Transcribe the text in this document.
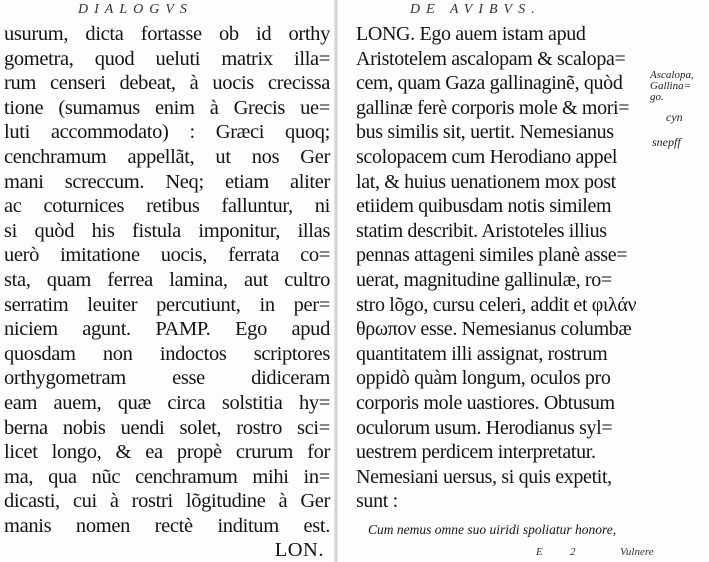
DIALOGVS
usurum, dicta fortasse ob id orthy
gometra, quod ueluti matrix illa=
rum censeri debeat, à uocis crecissa
tione (sumamus enim à Grecis ue=
luti accommodato) : Græci quoq;
cenchramum appellãt, ut nos Ger
mani screccum. Neq; etiam aliter
ac coturnices retibus falluntur, ni
si quòd his fistula imponitur, illas
uerò imitatione uocis, ferrata co=
sta, quam ferrea lamina, aut cultro
serratim leuiter percutiunt, in per=
niciem agunt. PAMP. Ego apud
quosdam non indoctos scriptores
orthygometram esse didiceram
eam auem, quæ circa solstitia hy=
berna nobis uendi solet, rostro sci=
licet longo, & ea propè crurum for
ma, qua nũc cenchramum mihi in=
dicasti, cui à rostri lõgitudine à Ger
manis nomen rectè inditum est.
LON.
DE AVIBVS.
LONG. Ego auem istam apud
Aristotelem ascalopam & scalopa=
cem, quam Gaza gallinaginẽ, quòd
gallinæ ferè corporis mole & mori=
bus similis sit, uertit. Nemesianus
scolopacem cum Herodiano appel
lat, & huius uenationem mox post
etiidem quibusdam notis similem
statim describit. Aristoteles illius
pennas attageni similes planè asse=
uerat, magnitudine gallinulæ, ro=
stro lõgo, cursu celeri, addit et φιλάν
θρωπον esse. Nemesianus columbæ
quantitatem illi assignat, rostrum
oppidò quàm longum, oculos pro
corporis mole uastiores. Obtusum
oculorum usum. Herodianus syl=
uestrem perdicem interpretatur.
Nemesiani uersus, si quis expetit,
sunt :
Cum nemus omne suo uiridi spoliatur honore,
E 2	Vulnere
Ascalopa,
Gallina=
go.
cyn
snepff
